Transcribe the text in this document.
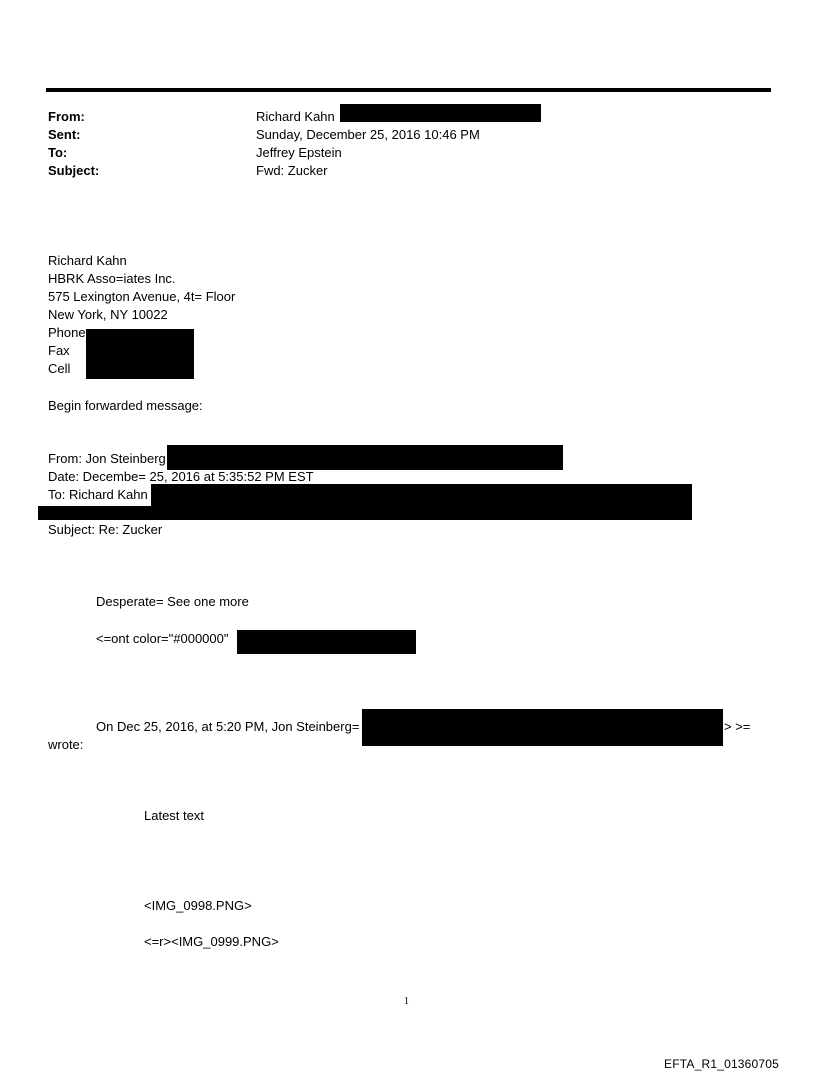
From:	Richard Kahn
Sent:	Sunday, December 25, 2016 10:46 PM
To:	Jeffrey Epstein
Subject:	Fwd: Zucker
Richard Kahn
HBRK Asso=iates Inc.
575 Lexington Avenue, 4t= Floor
New York, NY 10022
Phone
Fax
Cell
Begin forwarded message:
From: Jon Steinberg
Date: Decembe= 25, 2016 at 5:35:52 PM EST
To: Richard Kahn
Subject: Re: Zucker
Desperate= See one more
<=ont color="#000000"
On Dec 25, 2016, at 5:20 PM, Jon Steinberg=	> >=
wrote:
Latest text
<IMG_0998.PNG>
<=r><IMG_0999.PNG>
1
EFTA_R1_01360705
